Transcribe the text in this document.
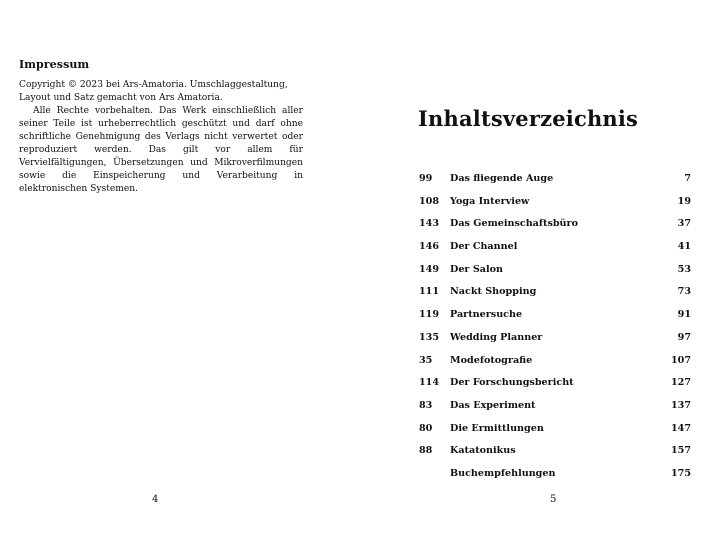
Impressum

Copyright © 2023 bei Ars-Amatoria. Umschlaggestaltung, Layout und Satz gemacht von Ars Amatoria.

Alle Rechte vorbehalten. Das Werk einschließlich aller seiner Teile ist urheberrechtlich geschützt und darf ohne schriftliche Genehmigung des Verlags nicht verwertet oder reproduziert werden. Das gilt vor allem für Vervielfältigungen, Übersetzungen und Mikroverfilmungen sowie die Einspeicherung und Verarbeitung in elektronischen Systemen.

4
Inhaltsverzeichnis
99 Das fliegende Auge	7
108 Yoga Interview	19
143 Das Gemeinschaftsbüro	37
146 Der Channel	41
149 Der Salon	53
111 Nackt Shopping	73
119 Partnersuche	91
135 Wedding Planner	97
35 Modefotografie	107
114 Der Forschungsbericht	127
83 Das Experiment	137
80 Die Ermittlungen	147
88 Katatonikus	157
Buchempfehlungen	175
5
